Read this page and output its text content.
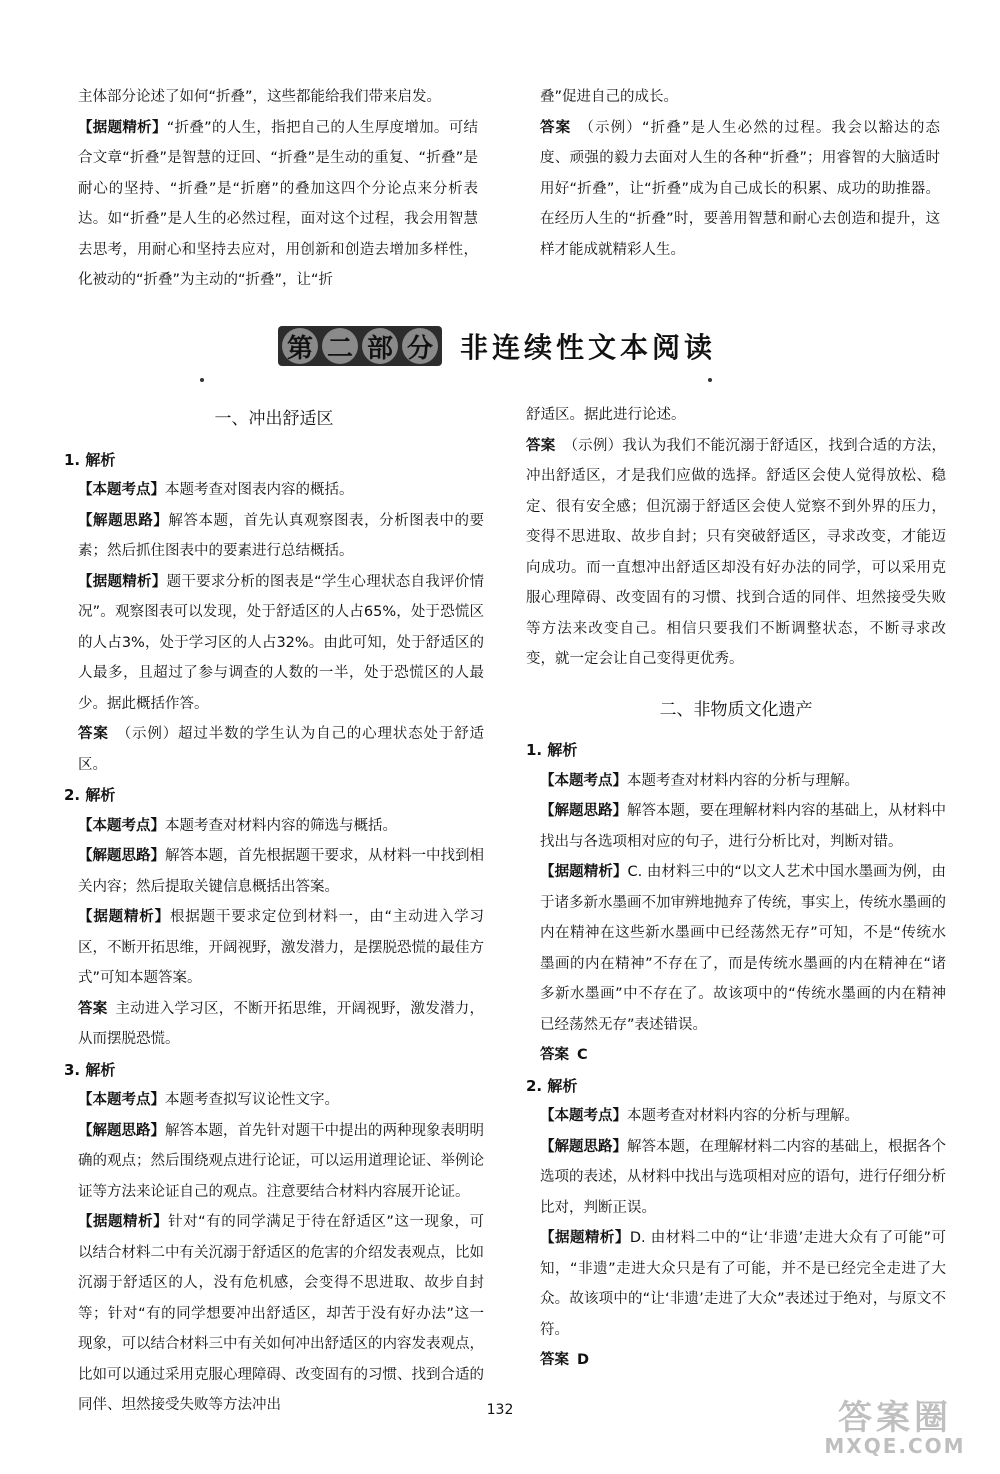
主体部分论述了如何“折叠”，这些都能给我们带来启发。

【据题精析】“折叠”的人生，指把自己的人生厚度增加。可结合文章“折叠”是智慧的迂回、“折叠”是生动的重复、“折叠”是耐心的坚持、“折叠”是“折磨”的叠加这四个分论点来分析表达。如“折叠”是人生的必然过程，面对这个过程，我会用智慧去思考，用耐心和坚持去应对，用创新和创造去增加多样性，化被动的“折叠”为主动的“折叠”，让“折

叠”促进自己的成长。

答案 （示例）“折叠”是人生必然的过程。我会以豁达的态度、顽强的毅力去面对人生的各种“折叠”；用睿智的大脑适时用好“折叠”，让“折叠”成为自己成长的积累、成功的助推器。在经历人生的“折叠”时，要善用智慧和耐心去创造和提升，这样才能成就精彩人生。

第 二 部 分 非连续性文本阅读
一、冲出舒适区

1. 解析

【本题考点】本题考查对图表内容的概括。

【解题思路】解答本题，首先认真观察图表，分析图表中的要素；然后抓住图表中的要素进行总结概括。

【据题精析】题干要求分析的图表是“学生心理状态自我评价情况”。观察图表可以发现，处于舒适区的人占65%，处于恐慌区的人占3%，处于学习区的人占32%。由此可知，处于舒适区的人最多，且超过了参与调查的人数的一半，处于恐慌区的人最少。据此概括作答。

答案 （示例）超过半数的学生认为自己的心理状态处于舒适区。

2. 解析

【本题考点】本题考查对材料内容的筛选与概括。

【解题思路】解答本题，首先根据题干要求，从材料一中找到相关内容；然后提取关键信息概括出答案。

【据题精析】根据题干要求定位到材料一，由“主动进入学习区，不断开拓思维，开阔视野，激发潜力，是摆脱恐慌的最佳方式”可知本题答案。

答案 主动进入学习区，不断开拓思维，开阔视野，激发潜力，从而摆脱恐慌。

3. 解析

【本题考点】本题考查拟写议论性文字。

【解题思路】解答本题，首先针对题干中提出的两种现象表明明确的观点；然后围绕观点进行论证，可以运用道理论证、举例论证等方法来论证自己的观点。注意要结合材料内容展开论证。

【据题精析】针对“有的同学满足于待在舒适区”这一现象，可以结合材料二中有关沉溺于舒适区的危害的介绍发表观点，比如沉溺于舒适区的人，没有危机感，会变得不思进取、故步自封等；针对“有的同学想要冲出舒适区，却苦于没有好办法”这一现象，可以结合材料三中有关如何冲出舒适区的内容发表观点，比如可以通过采用克服心理障碍、改变固有的习惯、找到合适的同伴、坦然接受失败等方法冲出

舒适区。据此进行论述。

答案 （示例）我认为我们不能沉溺于舒适区，找到合适的方法，冲出舒适区，才是我们应做的选择。舒适区会使人觉得放松、稳定、很有安全感；但沉溺于舒适区会使人觉察不到外界的压力，变得不思进取、故步自封；只有突破舒适区，寻求改变，才能迈向成功。而一直想冲出舒适区却没有好办法的同学，可以采用克服心理障碍、改变固有的习惯、找到合适的同伴、坦然接受失败等方法来改变自己。相信只要我们不断调整状态，不断寻求改变，就一定会让自己变得更优秀。

二、非物质文化遗产

1. 解析

【本题考点】本题考查对材料内容的分析与理解。

【解题思路】解答本题，要在理解材料内容的基础上，从材料中找出与各选项相对应的句子，进行分析比对，判断对错。

【据题精析】C. 由材料三中的“以文人艺术中国水墨画为例，由于诸多新水墨画不加审辨地抛弃了传统，事实上，传统水墨画的内在精神在这些新水墨画中已经荡然无存”可知，不是“传统水墨画的内在精神”不存在了，而是传统水墨画的内在精神在“诸多新水墨画”中不存在了。故该项中的“传统水墨画的内在精神已经荡然无存”表述错误。

答案 C

2. 解析

【本题考点】本题考查对材料内容的分析与理解。

【解题思路】解答本题，在理解材料二内容的基础上，根据各个选项的表述，从材料中找出与选项相对应的语句，进行仔细分析比对，判断正误。

【据题精析】D. 由材料二中的“让‘非遗’走进大众有了可能”可知，“非遗”走进大众只是有了可能，并不是已经完全走进了大众。故该项中的“让‘非遗’走进了大众”表述过于绝对，与原文不符。

答案 D

132	答案圈
MXQE.COM
